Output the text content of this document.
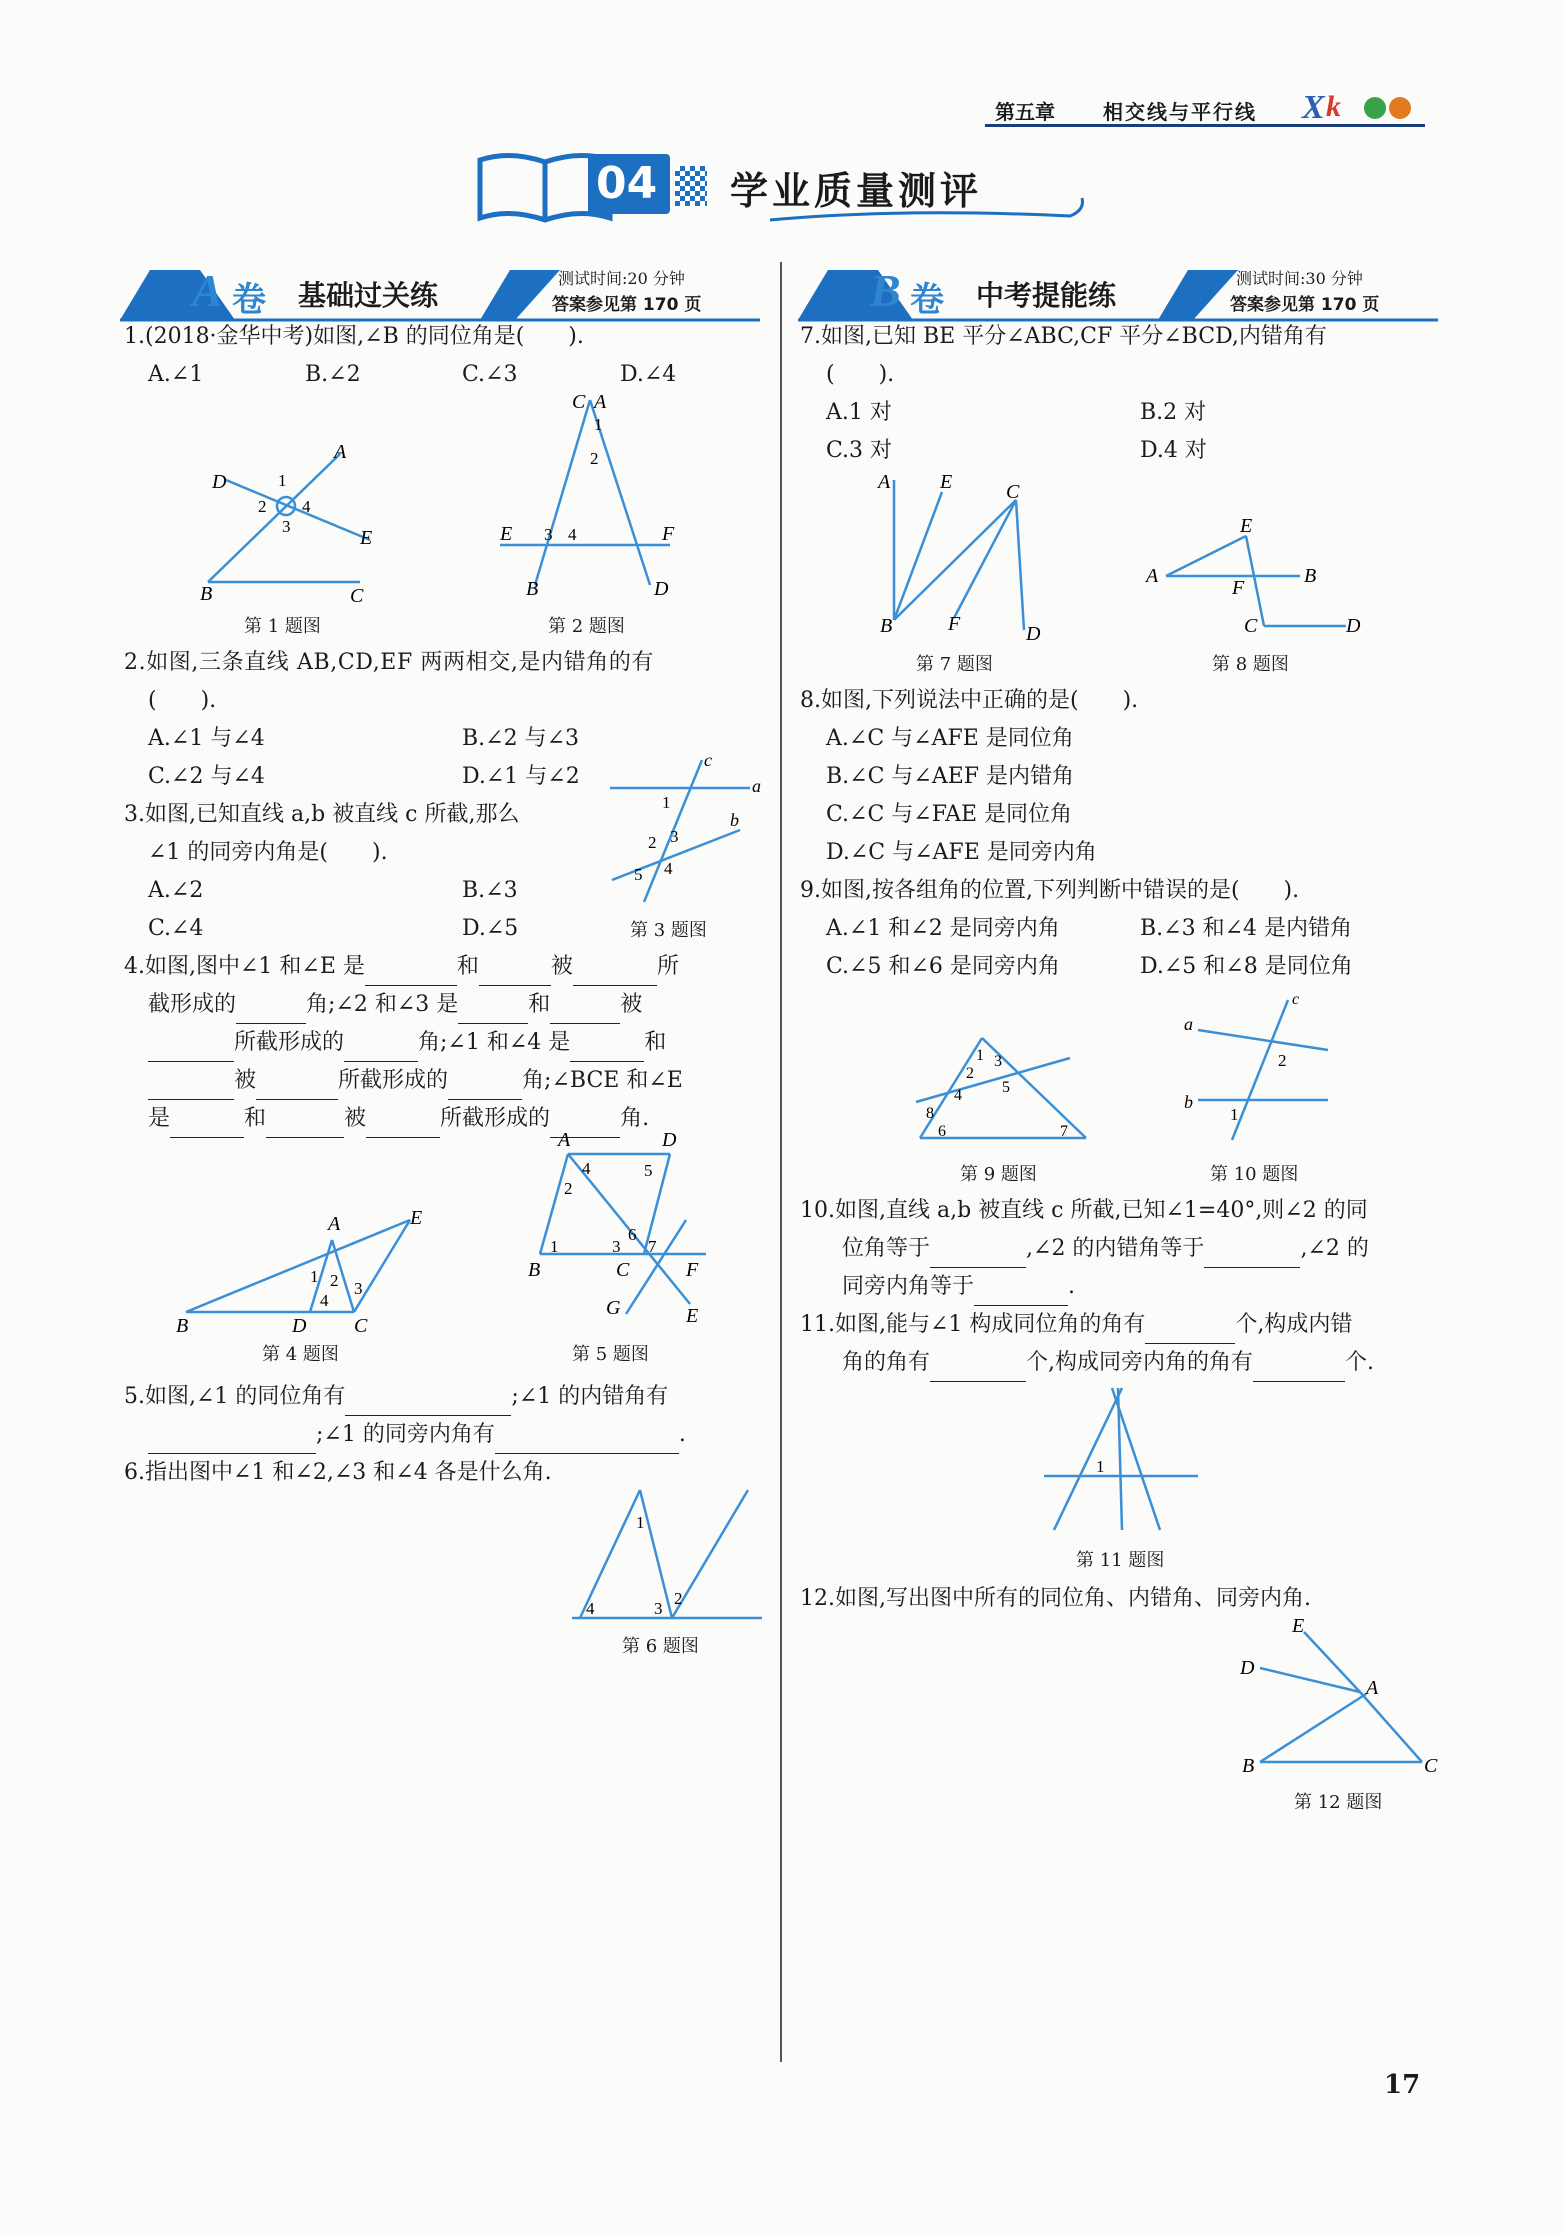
第五章 相交线与平行线 X k
04 学业质量测评
A 卷 基础过关练
测试时间:20 分钟
答案参见第 170 页	B 卷 中考提能练
测试时间:30 分钟
答案参见第 170 页
1.(2018·金华中考)如图,∠B 的同位角是(　　).
A.∠1	B.∠2	C.∠3	D.∠4
D
A
1
2 4
3
E
B	C
第 1 题图
C A
1
2
E 3 4	F
B	D
第 2 题图
2.如图,三条直线 AB,CD,EF 两两相交,是内错角的有
(　　).
A.∠1 与∠4	B.∠2 与∠3
C.∠2 与∠4	D.∠1 与∠2
3.如图,已知直线 a,b 被直线 c 所截,那么
∠1 的同旁内角是(　　).
A.∠2	B.∠3
C.∠4	D.∠5
c
a
1
2 3
b
5 4
第 3 题图
4.如图,图中∠1 和∠E 是	和	被	所
截形成的	角;∠2 和∠3 是	和	被
所截形成的	角;∠1 和∠4 是	和
被	所截形成的	角;∠BCE 和∠E
是	和	被	所截形成的	角.
A	E
1 2
4
3
B	D C
第 4 题图
A	D
4	5
2
6
1	3 7
B	C	F
G	E
第 5 题图
5.如图,∠1 的同位角有	;∠1 的内错角有
;∠1 的同旁内角有	.
6.指出图中∠1 和∠2,∠3 和∠4 各是什么角.
1
4	3
2
第 6 题图
7.如图,已知 BE 平分∠ABC,CF 平分∠BCD,内错角有
(　　).
A.1 对	B.2 对
C.3 对	D.4 对
A E	C
F
B	D
第 7 题图
E
A
F
B
C	D
第 8 题图
8.如图,下列说法中正确的是(　　).
A.∠C 与∠AFE 是同位角
B.∠C 与∠AEF 是内错角
C.∠C 与∠FAE 是同位角
D.∠C 与∠AFE 是同旁内角
9.如图,按各组角的位置,下列判断中错误的是(　　).
A.∠1 和∠2 是同旁内角	B.∠3 和∠4 是内错角
C.∠5 和∠6 是同旁内角	D.∠5 和∠8 是同位角
1 3
2
4	5
8
6	7
第 9 题图
c
a
2
b
1
第 10 题图
10.如图,直线 a,b 被直线 c 所截,已知∠1=40°,则∠2 的同
位角等于	,∠2 的内错角等于	,∠2 的
同旁内角等于	.
11.如图,能与∠1 构成同位角的角有	个,构成内错
角的角有	个,构成同旁内角的角有	个.
1
第 11 题图
12.如图,写出图中所有的同位角、内错角、同旁内角.
E
D
A
B	C
第 12 题图
17
